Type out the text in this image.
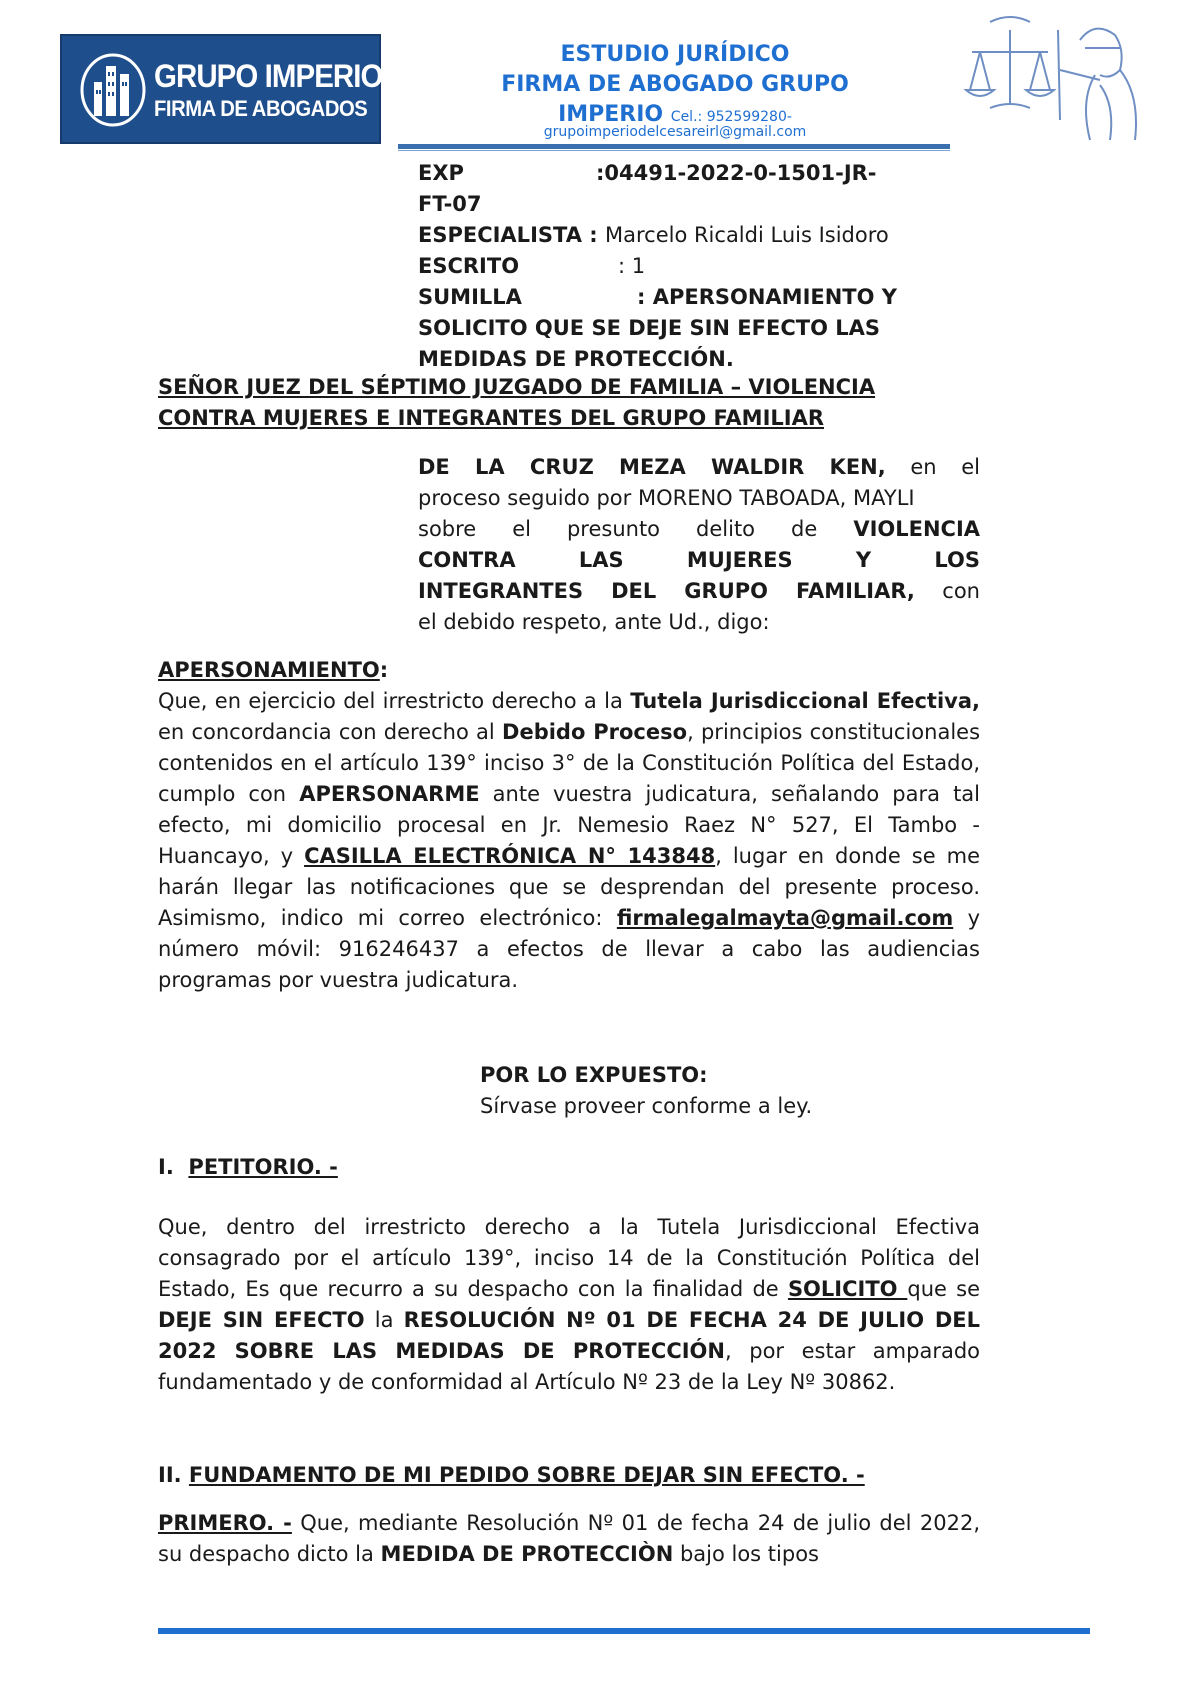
GRUPO IMPERIO
FIRMA DE ABOGADOS
ESTUDIO JURÍDICO
FIRMA DE ABOGADO GRUPO
IMPERIO Cel.: 952599280-
grupoimperiodelcesareirl@gmail.com
EXP	:04491-2022-0-1501-JR-
FT-07
ESPECIALISTA : Marcelo Ricaldi Luis Isidoro
ESCRITO	: 1
SUMILLA	: APERSONAMIENTO Y
SOLICITO QUE SE DEJE SIN EFECTO LAS
MEDIDAS DE PROTECCIÓN.
SEÑOR JUEZ DEL SÉPTIMO JUZGADO DE FAMILIA – VIOLENCIA
CONTRA MUJERES E INTEGRANTES DEL GRUPO FAMILIAR
DE LA CRUZ MEZA WALDIR KEN, en el
proceso seguido por MORENO TABOADA, MAYLI
sobre el presunto delito de VIOLENCIA
CONTRA LAS MUJERES Y LOS
INTEGRANTES DEL GRUPO FAMILIAR, con
el debido respeto, ante Ud., digo:
APERSONAMIENTO:
Que, en ejercicio del irrestricto derecho a la Tutela Jurisdiccional Efectiva, en concordancia con derecho al Debido Proceso, principios constitucionales contenidos en el artículo 139° inciso 3° de la Constitución Política del Estado, cumplo con APERSONARME ante vuestra judicatura, señalando para tal efecto, mi domicilio procesal en Jr. Nemesio Raez N° 527, El Tambo - Huancayo, y CASILLA ELECTRÓNICA N° 143848, lugar en donde se me harán llegar las notificaciones que se desprendan del presente proceso. Asimismo, indico mi correo electrónico: firmalegalmayta@gmail.com y número móvil: 916246437 a efectos de llevar a cabo las audiencias programas por vuestra judicatura.
POR LO EXPUESTO:
Sírvase proveer conforme a ley.
I. PETITORIO. -
Que, dentro del irrestricto derecho a la Tutela Jurisdiccional Efectiva consagrado por el artículo 139°, inciso 14 de la Constitución Política del Estado, Es que recurro a su despacho con la finalidad de SOLICITO que se DEJE SIN EFECTO la RESOLUCIÓN Nº 01 DE FECHA 24 DE JULIO DEL 2022 SOBRE LAS MEDIDAS DE PROTECCIÓN, por estar amparado fundamentado y de conformidad al Artículo Nº 23 de la Ley Nº 30862.
II. FUNDAMENTO DE MI PEDIDO SOBRE DEJAR SIN EFECTO. -
PRIMERO. - Que, mediante Resolución Nº 01 de fecha 24 de julio del 2022, su despacho dicto la MEDIDA DE PROTECCIÒN bajo los tipos
